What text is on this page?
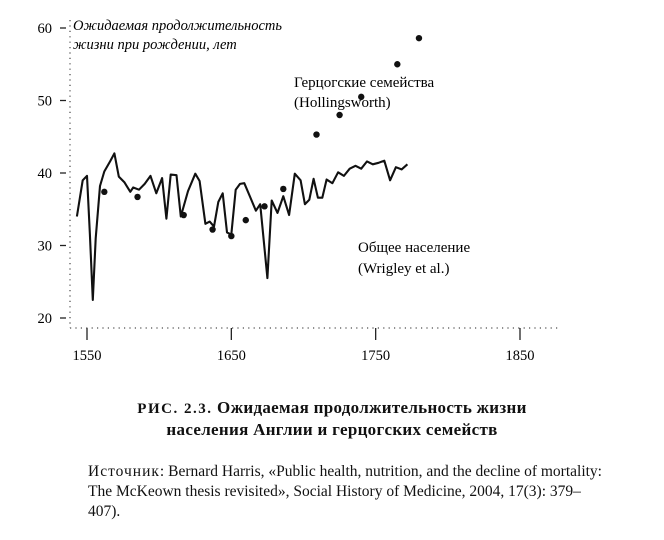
20
30
40
50
60
1550	1650	1750	1850
Ожидаемая продолжительность
жизни при рождении, лет
Герцогские семейства
(Hollingsworth)
Общее население
(Wrigley et al.)
РИС. 2.3. Ожидаемая продолжительность жизни
населения Англии и герцогских семейств
Источник: Bernard Harris, «Public health, nutrition, and the decline of mortality: The McKeown thesis revisited», Social History of Medicine, 2004, 17(3): 379–407).
